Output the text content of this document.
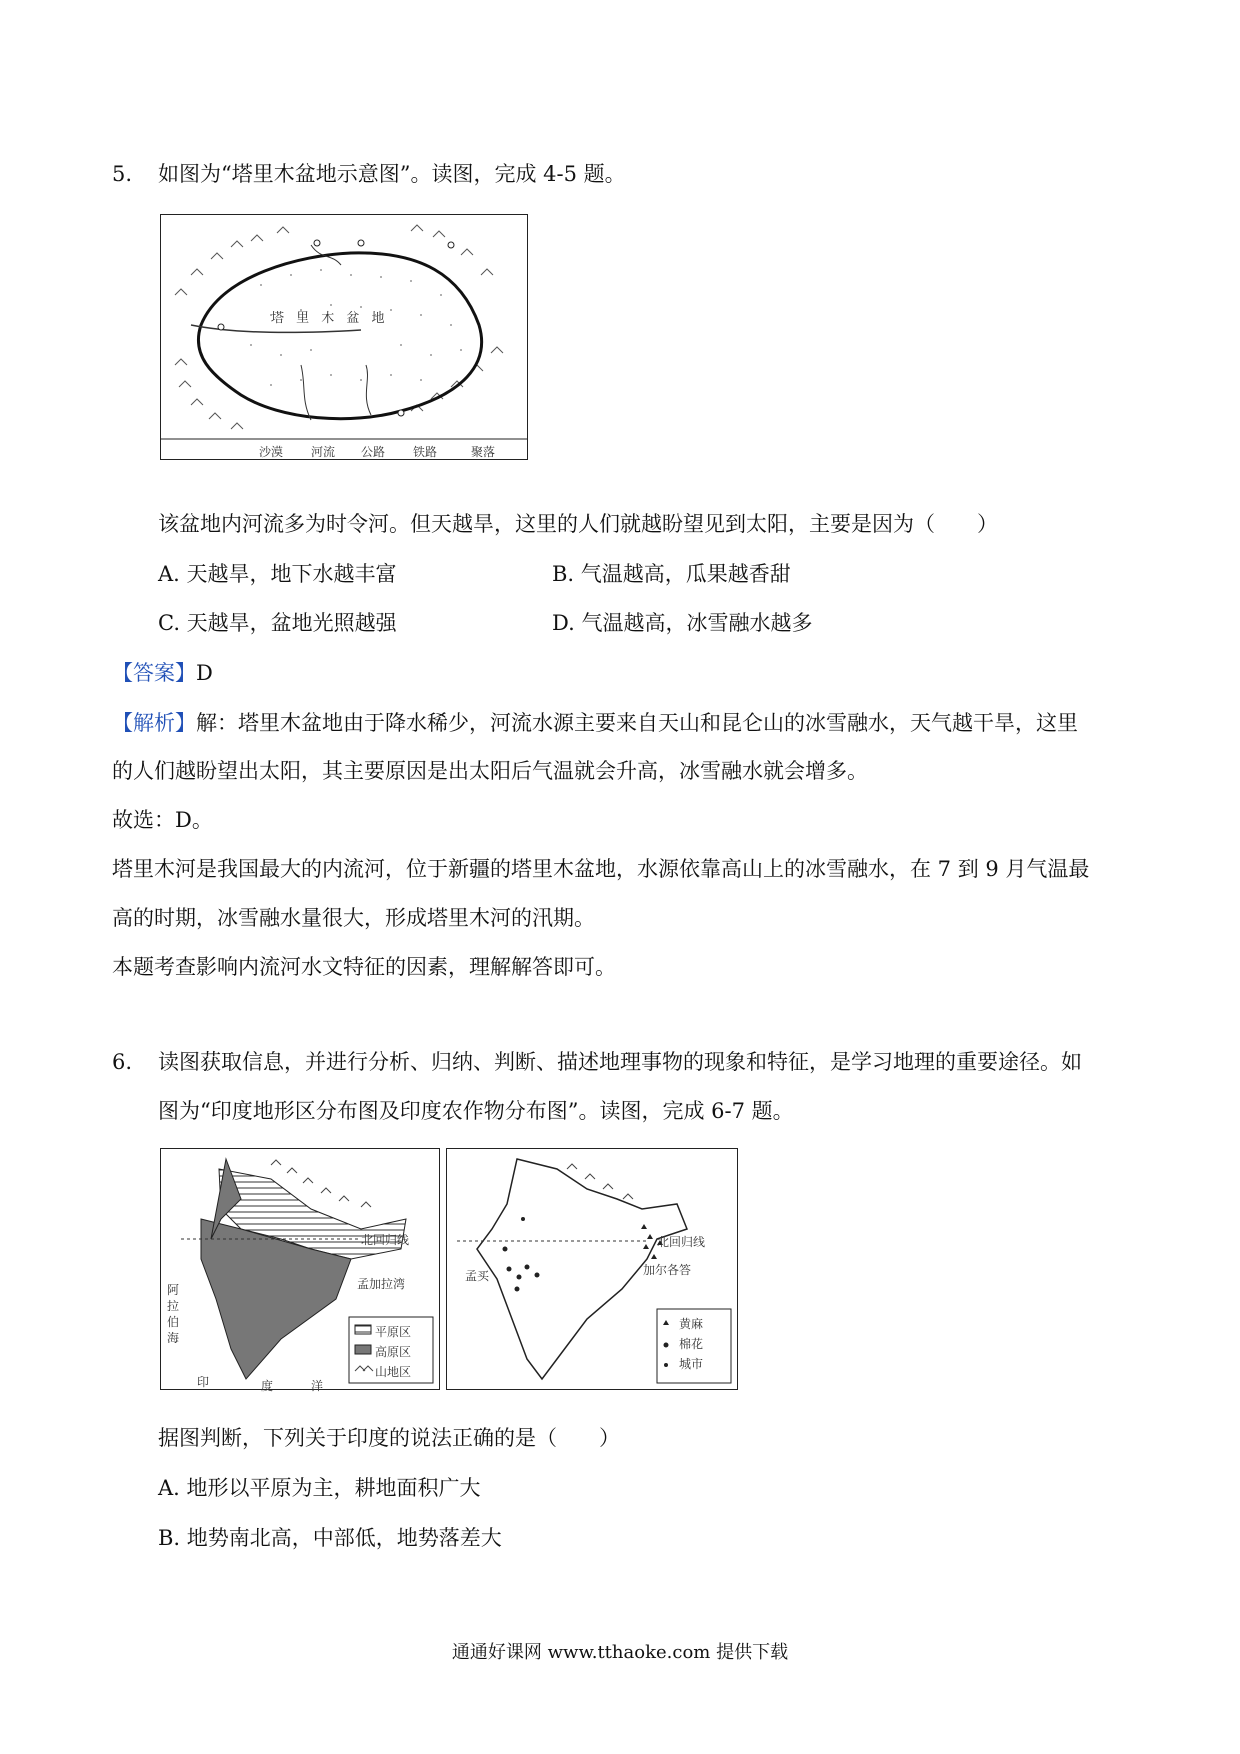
5. 如图为“塔里木盆地示意图”。读图，完成 4-5 题。
塔 里 木 盆 地
沙漠 河流 公路 铁路	聚落
该盆地内河流多为时令河。但天越旱，这里的人们就越盼望见到太阳，主要是因为（　　）
A. 天越旱，地下水越丰富	B. 气温越高，瓜果越香甜
C. 天越旱，盆地光照越强	D. 气温越高，冰雪融水越多
【答案】D
【解析】解：塔里木盆地由于降水稀少，河流水源主要来自天山和昆仑山的冰雪融水，天气越干旱，这里
的人们越盼望出太阳，其主要原因是出太阳后气温就会升高，冰雪融水就会增多。
故选：D。
塔里木河是我国最大的内流河，位于新疆的塔里木盆地，水源依靠高山上的冰雪融水，在 7 到 9 月气温最
高的时期，冰雪融水量很大，形成塔里木河的汛期。
本题考查影响内流河水文特征的因素，理解解答即可。
6. 读图获取信息，并进行分析、归纳、判断、描述地理事物的现象和特征，是学习地理的重要途径。如
图为“印度地形区分布图及印度农作物分布图”。读图，完成 6-7 题。
北回归线
孟加拉湾
阿
拉
伯
海
印	度	洋
平原区
高原区
山地区
北回归线
孟买	加尔各答
黄麻
棉花
城市
据图判断，下列关于印度的说法正确的是（　　）
A. 地形以平原为主，耕地面积广大
B. 地势南北高，中部低，地势落差大
通通好课网 www.tthaoke.com 提供下载
